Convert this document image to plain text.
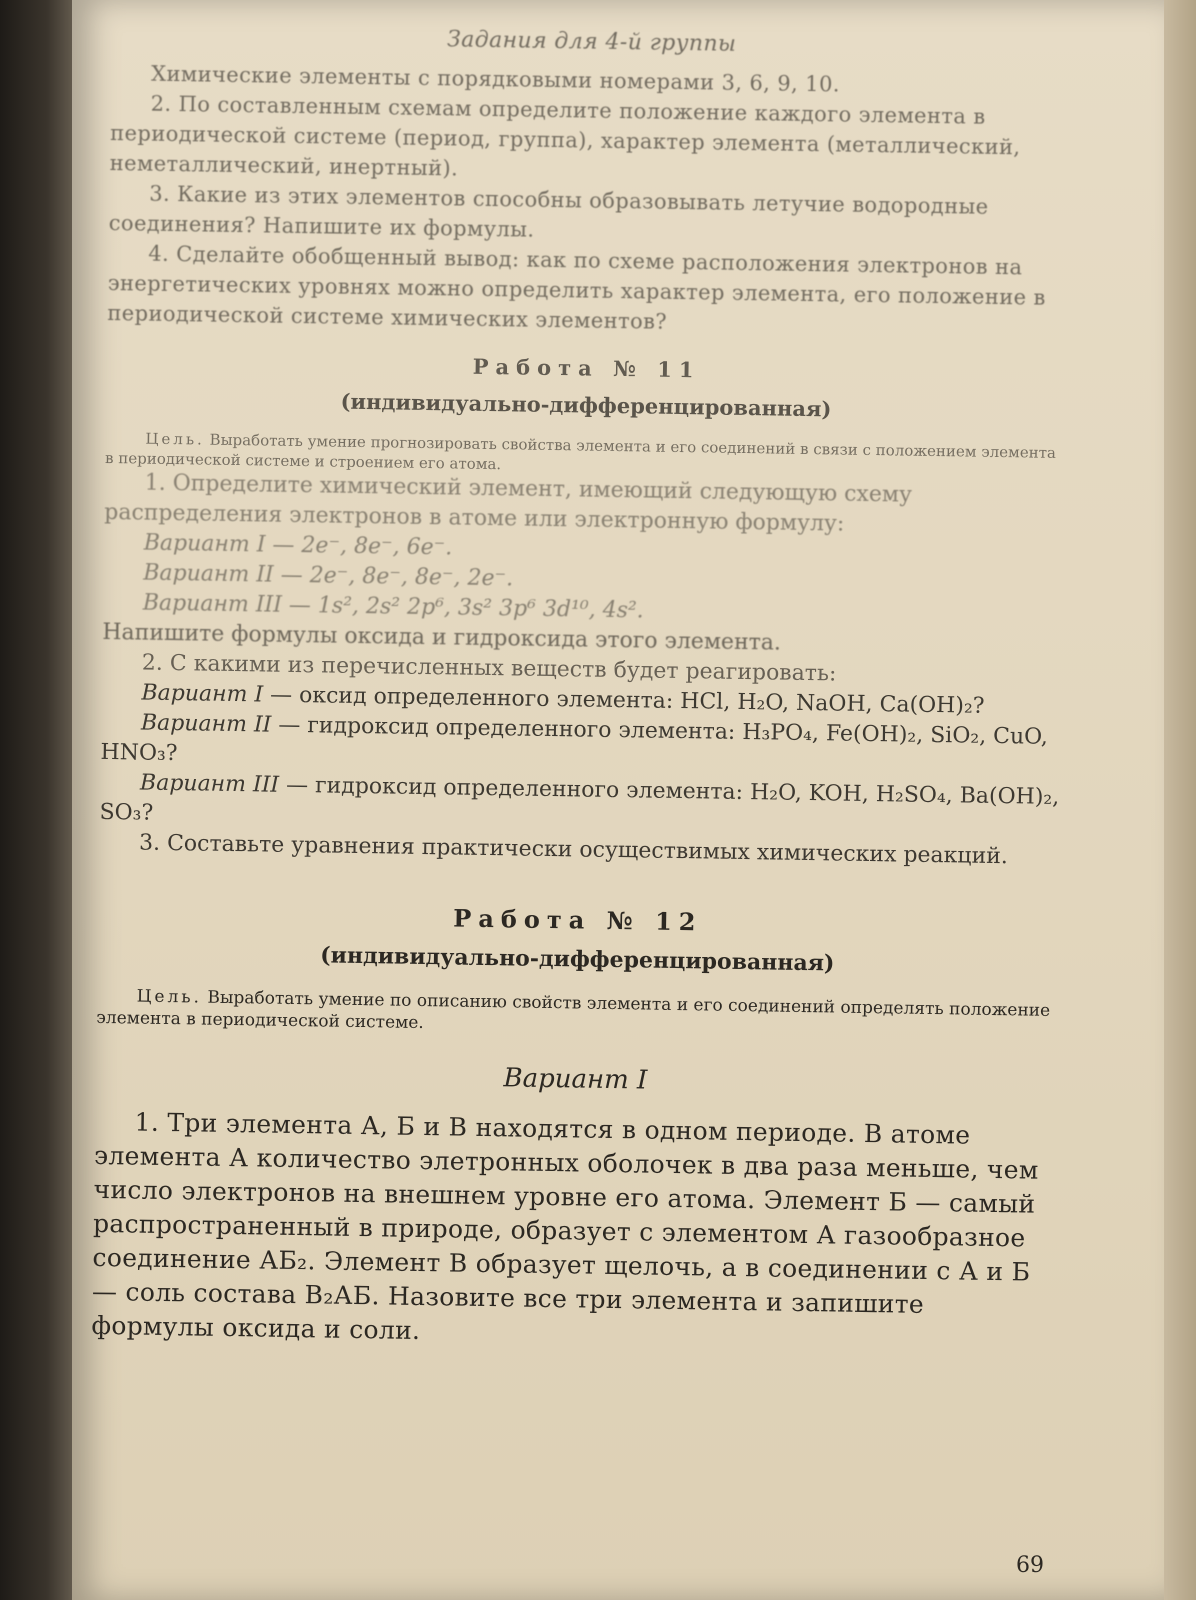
Задания для 4-й группы

Химические элементы с порядковыми номерами 3, 6, 9, 10.

2. По составленным схемам определите положение каждого элемента в периодической системе (период, группа), характер элемента (металлический, неметаллический, инертный).

3. Какие из этих элементов способны образовывать летучие водородные соединения? Напишите их формулы.

4. Сделайте обобщенный вывод: как по схеме расположения электронов на энергетических уровнях можно определить характер элемента, его положение в периодической системе химических элементов?

Работа № 11

(индивидуально-дифференцированная)

Цель. Выработать умение прогнозировать свойства элемента и его соединений в связи с положением элемента в периодической системе и строением его атома.

1. Определите химический элемент, имеющий следующую схему распределения электронов в атоме или электронную формулу:

Вариант I — 2e⁻, 8e⁻, 6e⁻.

Вариант II — 2e⁻, 8e⁻, 8e⁻, 2e⁻.

Вариант III — 1s², 2s² 2p⁶, 3s² 3p⁶ 3d¹⁰, 4s².

Напишите формулы оксида и гидроксида этого элемента.

2. С какими из перечисленных веществ будет реагировать:

Вариант I — оксид определенного элемента: HCl, H₂O, NaOH, Ca(OH)₂?

Вариант II — гидроксид определенного элемента: H₃PO₄, Fe(OH)₂, SiO₂, CuO, HNO₃?

Вариант III — гидроксид определенного элемента: H₂O, KOH, H₂SO₄, Ba(OH)₂, SO₃?

3. Составьте уравнения практически осуществимых химических реакций.

Работа № 12

(индивидуально-дифференцированная)

Цель. Выработать умение по описанию свойств элемента и его соединений определять положение элемента в периодической системе.

Вариант I

1. Три элемента А, Б и В находятся в одном периоде. В атоме элемента А количество элетронных оболочек в два раза меньше, чем число электронов на внешнем уровне его атома. Элемент Б — самый распространенный в природе, образует с элементом А газообразное соединение АБ₂. Элемент В образует щелочь, а в соединении с А и Б — соль состава В₂АБ. Назовите все три элемента и запишите формулы оксида и соли.

69
